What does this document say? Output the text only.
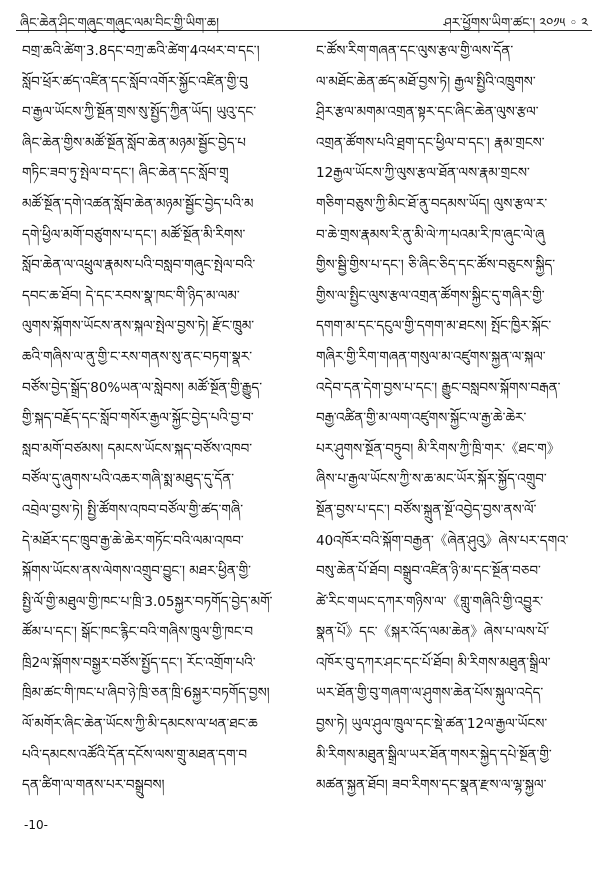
ཞིང་ཆེན་ཤིང་གཞུང་གཞུང་ལམ་བིང་གྱི་ཡིག་ཆ།	ཤར་ཕྱོགས་ཡིག་ཚང་། ༢༠༡༥ ◦ ༢
བགྲ་ཆའི་ཚེག་3.8དང་བཀྲ་ཆའི་ཚེག་4འཕར་བ་དང་།
སློབ་ཕྲོར་ཚད་འཛིན་དང་སློབ་འགོར་སྐྱོང་འཛིན་གྱི་བུ
བ་རྒྱལ་ཡོངས་ཀྱི་སྔོན་གྲས་སུ་སྤྱོད་ཀྱིན་ཡོད། ཡུའུ་དང་
ཞིང་ཆེན་གྱིས་མཚོ་སྔོན་སློབ་ཆེན་མཉམ་སྦྱོང་བྱེད་པ
གཏིང་ཟབ་ཏུ་སྤེལ་བ་དང་། ཞིང་ཆེན་དང་སློབ་གྲྭ
མཚོ་སྔོན་དགེ་འཚན་སློབ་ཆེན་མཉམ་སྦྱོང་བྱེད་པའི་མ
དགེ་ཕྱིལ་མགོ་བཙུགས་པ་དང་། མཚོ་སྔོན་མི་རིགས་
སློབ་ཆེན་ལ་འཕྲུལ་རྣམས་པའི་བསླབ་གཞུང་སྤེལ་བའི་
དབང་ཆ་ཐོབ། དེ་དང་རབས་སྣ་ཁང་གི་ཉིད་མ་ལམ་
ལུགས་སྐོགས་ཡོངས་ནས་སྐལ་སྤེལ་བྱས་ཏེ། རྫོང་ཁྲུམ་
ཆའི་གཞིས་ལ་ནུ་གྱི་ང་རས་གནས་སུ་ནང་བཏག་སྣར་
བཙོས་བྱེད་སྒྲོད་80%ཡན་ལ་སླེབས། མཚོ་སྔོན་གྱི་རྒྱུད་
གྱི་སྐད་བརྗོད་དང་སློབ་གསོར་རྒྱལ་སྐྱོང་བྱེད་པའི་བྱ་བ་
སླབ་མགོ་བཙམས། དམངས་ཡོངས་སྐད་བཙོས་འཁབ་
བཙོལ་དུ་ཞུགས་པའི་འཆར་གཞི་སྨ་མཐུད་དུ་དོན་
འབྲེལ་བྱས་ཏེ། སྤྱི་ཚོགས་འཁབ་བཙོལ་གྱི་ཚད་གཞི་
དེ་མཐོར་དང་ཁྲུབ་རྒྱ་ཆེ་ཆེར་གཏོང་བའི་ལམ་འཁབ་
སྐོགས་ཡོངས་ནས་ལེགས་འགྲུབ་བྱུང་། མཐར་ཕྱིན་གྱི་
སྤྱི་ལོ་གྱི་མཐུལ་གྱི་ཁང་པ་ཁྲི་3.05སྐྱར་བཏགོད་བྱེད་མགོ་
ཚོམ་པ་དང་། སྒོང་ཁང་རྙིང་བའི་གཞིས་ཁྲུལ་གྱི་ཁང་བ
ཁྲི2ལ་སྐོགས་བསྒྱར་བཙོས་སྤྱོད་དང་། རོང་འགྲོག་པའི་
ཁྲིམ་ཚང་གི་ཁང་པ་ཞིབ་ཉེ་ཁྲི་ཅན་ཁྲི་6སྐྱར་བཏགོད་བྱས།
ལོ་མགོར་ཞིང་ཆེན་ཡོངས་ཀྱི་མི་དམངས་ལ་ཕན་ཐང་ཆ
པའི་དམངས་འཚོའི་དོན་དངོས་ལས་གྲུ་མཐན་དག་བ
དན་ཚིག་ལ་གནས་པར་བསྒྲུབས།
ང་ཚོས་རིག་གཞན་དང་ལུས་རྩལ་གྱི་ལས་དོན་
ལ་མཐོང་ཆེན་ཚད་མཐོ་བྱས་ཏེ། རྒྱལ་སྤྱིའི་འཁྲུགས་
ཤྲིར་རྩལ་མགམ་འགྲན་སྟར་དང་ཞིང་ཆེན་ལུས་རྩལ་
འགྲན་ཚོགས་པའི་ཐྲག་དང་ཕྱིལ་བ་དང་། རྣམ་གྲངས་
12རྒྱལ་ཡོངས་ཀྱི་ལུས་རྩལ་ཐོན་ལས་རྣམ་གྲངས་
གཅིག་བཅུས་ཀྱི་མིང་ཐོ་ནུ་བདམས་ཡོད། ལུས་རྩལ་ར་
བ་ཆེ་གྲས་རྣམས་རི་ནུ་མི་ལེ་ཀ་པའམ་རི་ཁ་ཞུང་ལེ་ཞུ
གྱིས་སྦྱི་གྱིས་པ་དང་། ཅི་ཞིང་ཅིད་དང་ཚོས་བཅུངས་སྐྱིད་
གྱིས་ལ་སྤྱིང་ལུས་རྩལ་འགྲན་ཚོགས་སྐྱིང་དུ་གཞིར་གྱི་
དགག་མ་དང་དངུལ་གྱི་དགག་མ་ཐངས། སྤོང་ཁྱིར་སྐོང་
གཞིར་གྱི་རིག་གཞན་གསུལ་མ་འཛུགས་སྐྱན་ལ་སྐལ་
འདེབ་དན་དེག་བྱས་པ་དང་། རྒྱུང་བསླབས་སྐོགས་བརྒན་
བརྒྱ་འཚིན་གྱི་མ་ལག་འཛུགས་སྐྱོང་ལ་རྒྱ་ཆེ་ཆེར་
པར་ཤུགས་སྔོན་བཏྲུབ། མི་རིགས་ཀྱི་ཁྲི་གར་《ཐང་ག》
ཞིས་པ་རྒྱལ་ཡོངས་ཀྱི་ས་ཆ་མང་ཡོར་སྐོར་སྐྱོད་འགྲུབ་
སྔོན་བྱས་པ་དང་། བཙོས་སྐྲུན་སྔོ་འབྱེད་བྱས་ནས་ལོ་
40འཁོར་བའི་སྐོག་བརྒྱན་《ཞེན་ཤུའུ》ཞེས་པར་དགའ་
བསུ་ཆེན་པོ་ཐོབ། བསྒྲུབ་འཛིན་ཉི་མ་དང་སྔོན་བཅབ་
ཚེ་རིང་གཡང་དཀར་གཉིས་ལ་《གླུ་གཞིའི་གྱི་འབྱུར་
སྣན་པོ》དང་《སྐར་འོད་ལམ་ཆེན》ཞེས་པ་ལས་པོ་
འཁོར་བུ་དཀར་ཤང་དང་པོ་ཐོབ། མི་རིགས་མཐུན་སྒྲིལ་
ཡར་ཐོན་གྱི་བུ་གཞག་ལ་ཤུགས་ཆེན་པོས་སྐུལ་འདེད་
བྱས་ཏེ། ཡུལ་ཤུལ་ཁྲུལ་དང་སྡེ་ཚན་12ལ་རྒྱལ་ཡོངས་
མི་རིགས་མཐུན་སྒྲིལ་ཡར་ཐོན་གསར་སྐྱེད་དཔེ་སྔོན་གྱི་
མཚན་སྐྱན་ཐོབ། ཟབ་རིགས་དང་སྣན་རྫས་ལ་ལྷ་སྐྱལ་
-10-
